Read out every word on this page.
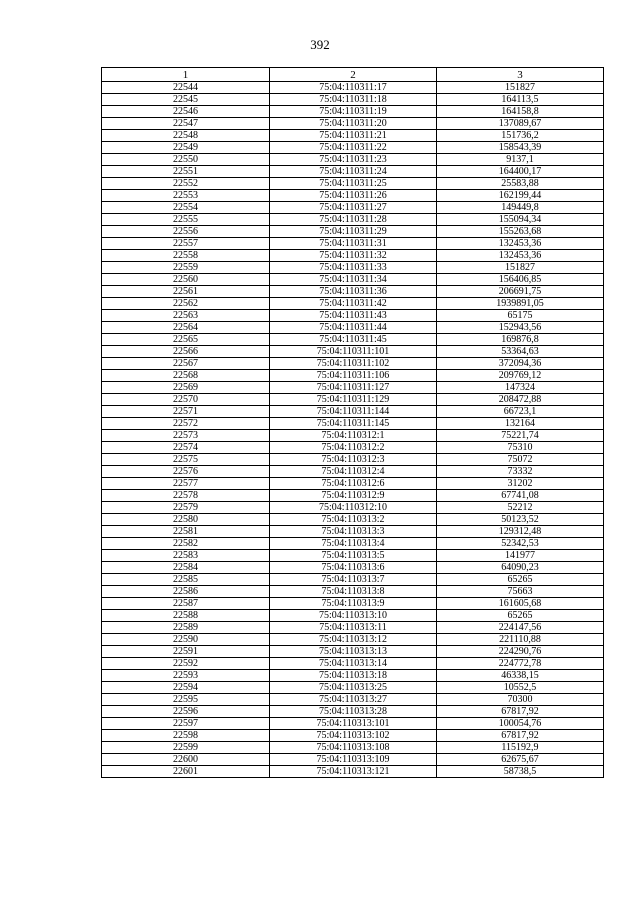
392
1	2	3
22544	75:04:110311:17	151827
22545	75:04:110311:18	164113,5
22546	75:04:110311:19	164158,8
22547	75:04:110311:20	137089,67
22548	75:04:110311:21	151736,2
22549	75:04:110311:22	158543,39
22550	75:04:110311:23	9137,1
22551	75:04:110311:24	164400,17
22552	75:04:110311:25	25583,88
22553	75:04:110311:26	162199,44
22554	75:04:110311:27	149449,8
22555	75:04:110311:28	155094,34
22556	75:04:110311:29	155263,68
22557	75:04:110311:31	132453,36
22558	75:04:110311:32	132453,36
22559	75:04:110311:33	151827
22560	75:04:110311:34	156406,85
22561	75:04:110311:36	206691,75
22562	75:04:110311:42	1939891,05
22563	75:04:110311:43	65175
22564	75:04:110311:44	152943,56
22565	75:04:110311:45	169876,8
22566	75:04:110311:101	53364,63
22567	75:04:110311:102	372094,36
22568	75:04:110311:106	209769,12
22569	75:04:110311:127	147324
22570	75:04:110311:129	208472,88
22571	75:04:110311:144	66723,1
22572	75:04:110311:145	132164
22573	75:04:110312:1	75221,74
22574	75:04:110312:2	75310
22575	75:04:110312:3	75072
22576	75:04:110312:4	73332
22577	75:04:110312:6	31202
22578	75:04:110312:9	67741,08
22579	75:04:110312:10	52212
22580	75:04:110313:2	50123,52
22581	75:04:110313:3	129312,48
22582	75:04:110313:4	52342,53
22583	75:04:110313:5	141977
22584	75:04:110313:6	64090,23
22585	75:04:110313:7	65265
22586	75:04:110313:8	75663
22587	75:04:110313:9	161605,68
22588	75:04:110313:10	65265
22589	75:04:110313:11	224147,56
22590	75:04:110313:12	221110,88
22591	75:04:110313:13	224290,76
22592	75:04:110313:14	224772,78
22593	75:04:110313:18	46338,15
22594	75:04:110313:25	10552,5
22595	75:04:110313:27	70300
22596	75:04:110313:28	67817,92
22597	75:04:110313:101	100054,76
22598	75:04:110313:102	67817,92
22599	75:04:110313:108	115192,9
22600	75:04:110313:109	62675,67
22601	75:04:110313:121	58738,5
